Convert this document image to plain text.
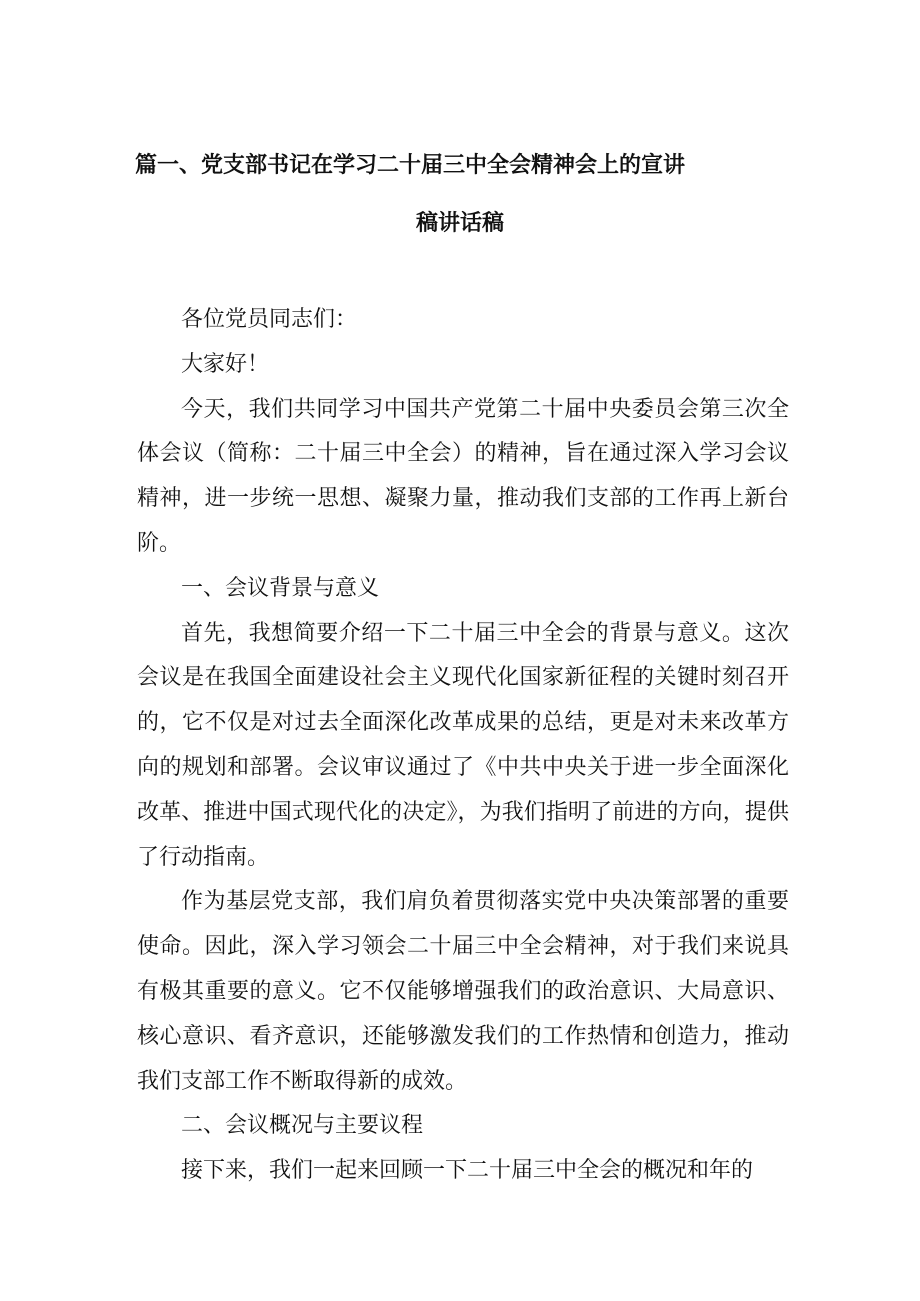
篇一、党支部书记在学习二十届三中全会精神会上的宣讲
稿讲话稿

各位党员同志们：

大家好！

今天，我们共同学习中国共产党第二十届中央委员会第三次全体会议（简称：二十届三中全会）的精神，旨在通过深入学习会议精神，进一步统一思想、凝聚力量，推动我们支部的工作再上新台阶。

一、会议背景与意义

首先，我想简要介绍一下二十届三中全会的背景与意义。这次会议是在我国全面建设社会主义现代化国家新征程的关键时刻召开的，它不仅是对过去全面深化改革成果的总结，更是对未来改革方向的规划和部署。会议审议通过了《中共中央关于进一步全面深化改革、推进中国式现代化的决定》，为我们指明了前进的方向，提供了行动指南。

作为基层党支部，我们肩负着贯彻落实党中央决策部署的重要使命。因此，深入学习领会二十届三中全会精神，对于我们来说具有极其重要的意义。它不仅能够增强我们的政治意识、大局意识、核心意识、看齐意识，还能够激发我们的工作热情和创造力，推动我们支部工作不断取得新的成效。

二、会议概况与主要议程

接下来，我们一起来回顾一下二十届三中全会的概况和年的
